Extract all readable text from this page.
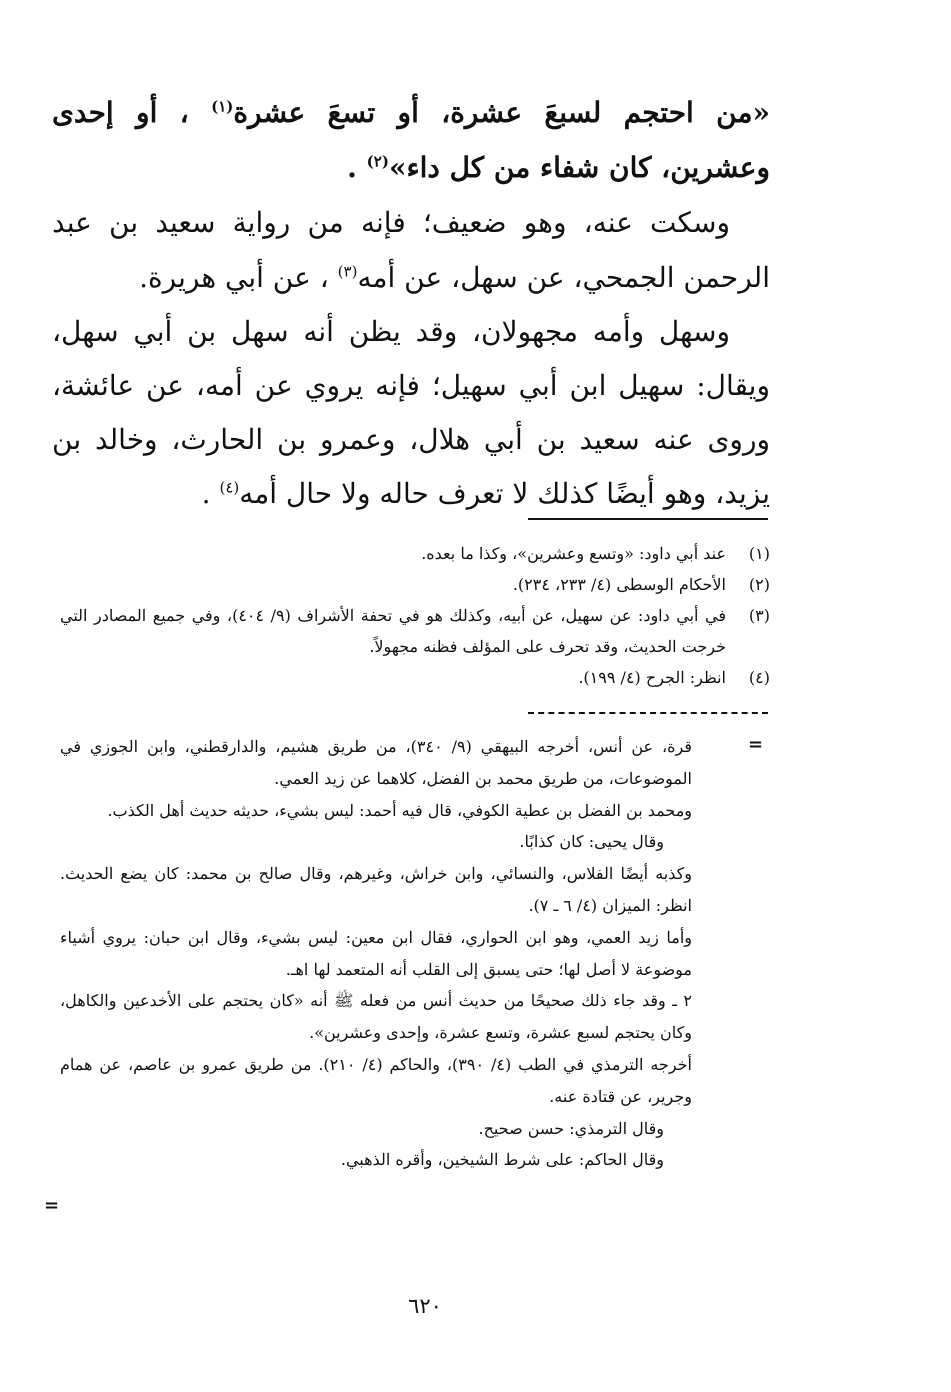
«من احتجم لسبعَ عشرة، أو تسعَ عشرة$^{(١)}$ ، أو إحدى وعشرين، كان شفاء من كل داء»$^{(٢)}$ .

وسكت عنه، وهو ضعيف؛ فإنه من رواية سعيد بن عبد الرحمن الجمحي، عن سهل، عن أمه$^{(٣)}$ ، عن أبي هريرة.

وسهل وأمه مجهولان، وقد يظن أنه سهل بن أبي سهل، ويقال: سهيل ابن أبي سهيل؛ فإنه يروي عن أمه، عن عائشة، وروى عنه سعيد بن أبي هلال، وعمرو بن الحارث، وخالد بن يزيد، وهو أيضًا كذلك لا تعرف حاله ولا حال أمه$^{(٤)}$ .

(١)
عند أبي داود: «وتسع وعشرين»، وكذا ما بعده.
(٢)
الأحكام الوسطى (٤/ ٢٣٣، ٢٣٤).
(٣)
في أبي داود: عن سهيل، عن أبيه، وكذلك هو في تحفة الأشراف (٩/ ٤٠٤)، وفي جميع المصادر التي خرجت الحديث، وقد تحرف على المؤلف فظنه مجهولاً.
(٤)
انظر: الجرح (٤/ ١٩٩).
=

قرة، عن أنس، أخرجه البيهقي (٩/ ٣٤٠)، من طريق هشيم، والدارقطني، وابن الجوزي في الموضوعات، من طريق محمد بن الفضل، كلاهما عن زيد العمي.

ومحمد بن الفضل بن عطية الكوفي، قال فيه أحمد: ليس بشيء، حديثه حديث أهل الكذب.

وقال يحيى: كان كذابًا.

وكذبه أيضًا الفلاس، والنسائي، وابن خراش، وغيرهم، وقال صالح بن محمد: كان يضع الحديث. انظر: الميزان (٤/ ٦ ـ ٧).

وأما زيد العمي، وهو ابن الحواري، فقال ابن معين: ليس بشيء، وقال ابن حبان: يروي أشياء موضوعة لا أصل لها؛ حتى يسبق إلى القلب أنه المتعمد لها اهـ.

٢ ـ وقد جاء ذلك صحيحًا من حديث أنس من فعله ﷺ أنه «كان يحتجم على الأخدعين والكاهل، وكان يحتجم لسبع عشرة، وتسع عشرة، وإحدى وعشرين».

أخرجه الترمذي في الطب (٤/ ٣٩٠)، والحاكم (٤/ ٢١٠). من طريق عمرو بن عاصم، عن همام وجرير، عن قتادة عنه.

وقال الترمذي: حسن صحيح.

وقال الحاكم: على شرط الشيخين، وأقره الذهبي.

=
٦٢٠
